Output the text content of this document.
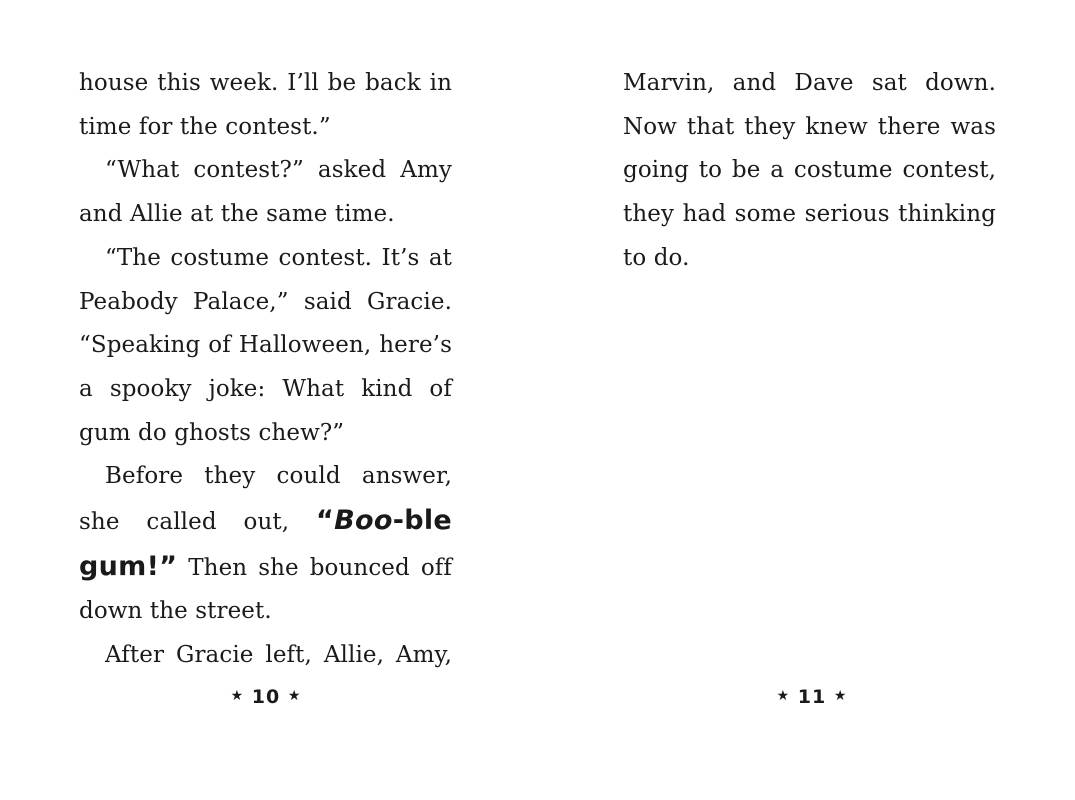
house this week. I’ll be back in time for the contest.”

“What contest?” asked Amy and Allie at the same time.

“The costume contest. It’s at Peabody Palace,” said Gracie. “Speaking of Halloween, here’s a spooky joke: What kind of gum do ghosts chew?”

Before they could answer, she called out, “Boo-ble gum!” Then she bounced off down the street.

After Gracie left, Allie, Amy,

★ 10 ★

Marvin, and Dave sat down. Now that they knew there was going to be a costume contest, they had some serious thinking to do.

★ 11 ★
